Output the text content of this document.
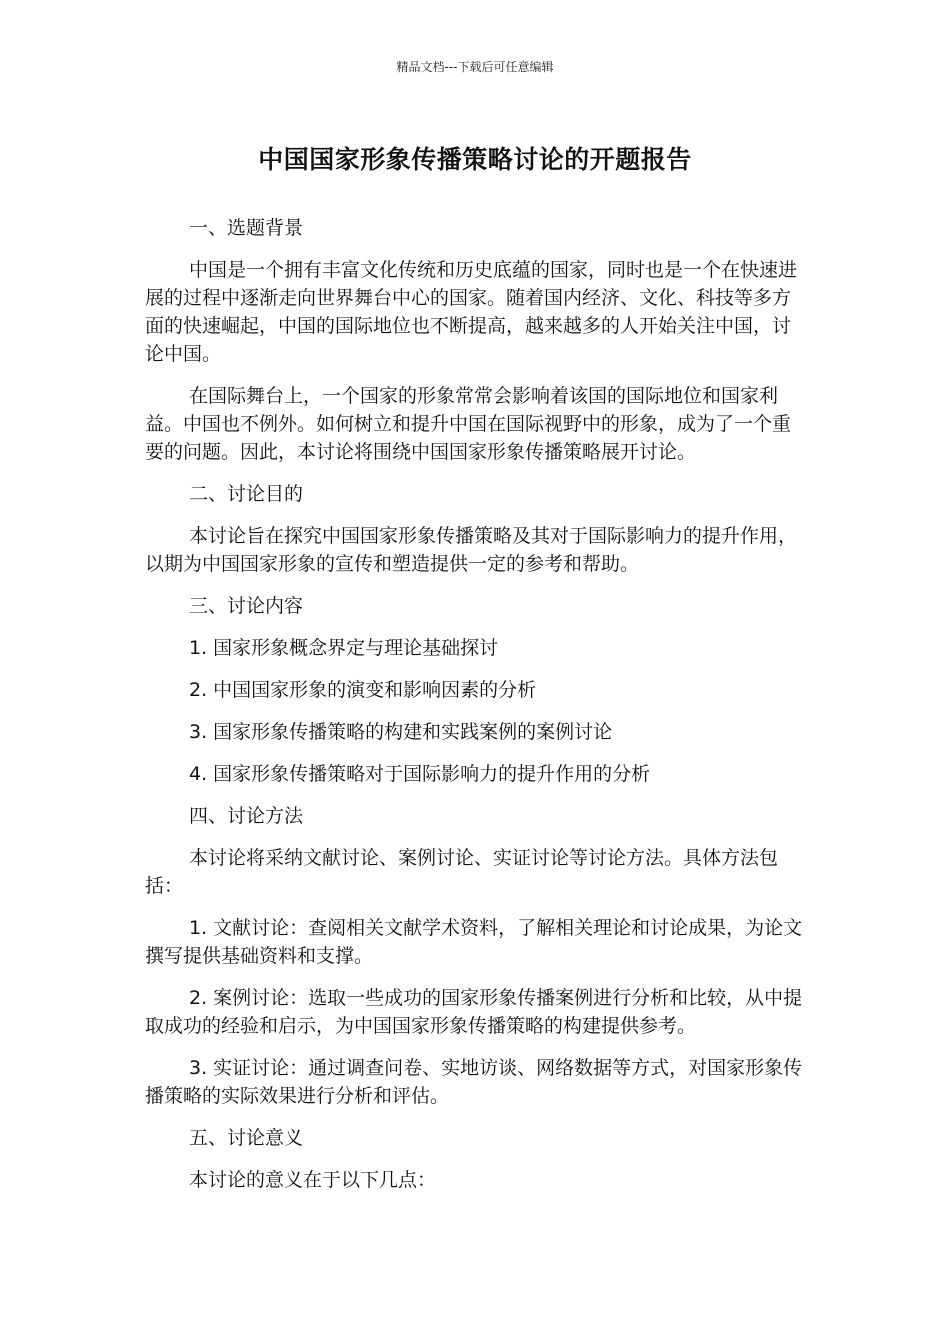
精品文档---下载后可任意编辑
中国国家形象传播策略讨论的开题报告

一、选题背景

中国是一个拥有丰富文化传统和历史底蕴的国家，同时也是一个在快速进展的过程中逐渐走向世界舞台中心的国家。随着国内经济、文化、科技等多方面的快速崛起，中国的国际地位也不断提高，越来越多的人开始关注中国，讨论中国。

在国际舞台上，一个国家的形象常常会影响着该国的国际地位和国家利益。中国也不例外。如何树立和提升中国在国际视野中的形象，成为了一个重要的问题。因此，本讨论将围绕中国国家形象传播策略展开讨论。

二、讨论目的

本讨论旨在探究中国国家形象传播策略及其对于国际影响力的提升作用，以期为中国国家形象的宣传和塑造提供一定的参考和帮助。

三、讨论内容

1. 国家形象概念界定与理论基础探讨

2. 中国国家形象的演变和影响因素的分析

3. 国家形象传播策略的构建和实践案例的案例讨论

4. 国家形象传播策略对于国际影响力的提升作用的分析

四、讨论方法

本讨论将采纳文献讨论、案例讨论、实证讨论等讨论方法。具体方法包括：

1. 文献讨论：查阅相关文献学术资料，了解相关理论和讨论成果，为论文撰写提供基础资料和支撑。

2. 案例讨论：选取一些成功的国家形象传播案例进行分析和比较，从中提取成功的经验和启示，为中国国家形象传播策略的构建提供参考。

3. 实证讨论：通过调查问卷、实地访谈、网络数据等方式，对国家形象传播策略的实际效果进行分析和评估。

五、讨论意义

本讨论的意义在于以下几点：
